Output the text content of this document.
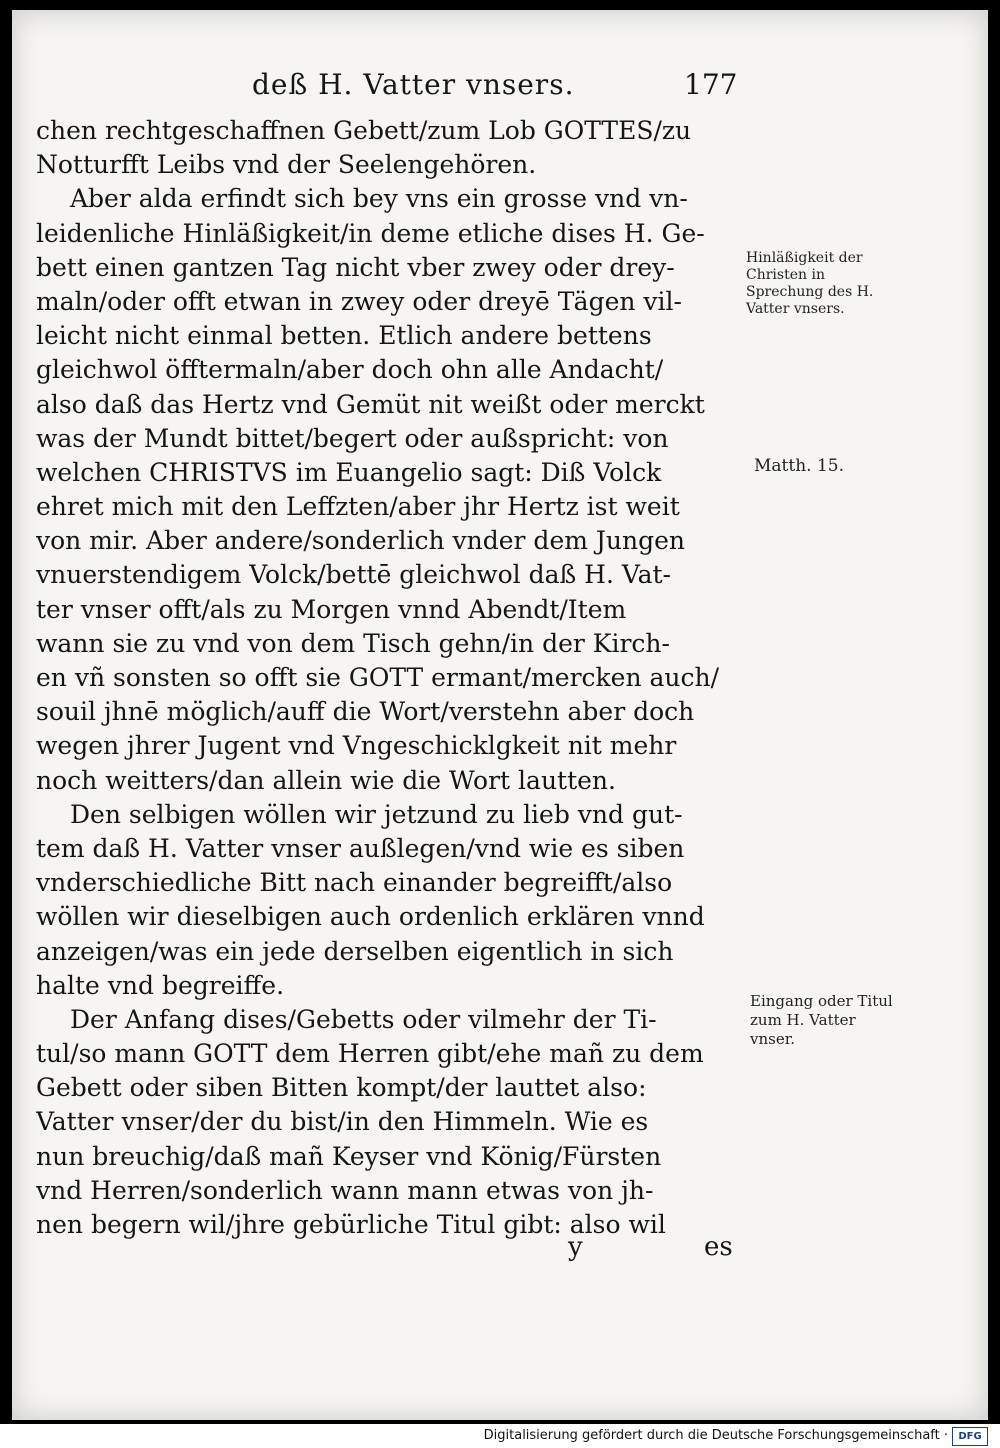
deß H. Vatter vnsers.	177
chen rechtgeschaffnen Gebett/zum Lob GOTTES/zu
Notturfft Leibs vnd der Seelengehören.
Aber alda erfindt sich bey vns ein grosse vnd vn-
leidenliche Hinläßigkeit/in deme etliche dises H. Ge-
bett einen gantzen Tag nicht vber zwey oder drey-
maln/oder offt etwan in zwey oder dreyē Tägen vil-
leicht nicht einmal betten. Etlich andere bettens
gleichwol öfftermaln/aber doch ohn alle Andacht/
also daß das Hertz vnd Gemüt nit weißt oder merckt
was der Mundt bittet/begert oder außspricht: von
welchen CHRISTVS im Euangelio sagt: Diß Volck
ehret mich mit den Leffzten/aber jhr Hertz ist weit
von mir. Aber andere/sonderlich vnder dem Jungen
vnuerstendigem Volck/bettē gleichwol daß H. Vat-
ter vnser offt/als zu Morgen vnnd Abendt/Item
wann sie zu vnd von dem Tisch gehn/in der Kirch-
en vñ sonsten so offt sie GOTT ermant/mercken auch/
souil jhnē möglich/auff die Wort/verstehn aber doch
wegen jhrer Jugent vnd Vngeschicklgkeit nit mehr
noch weitters/dan allein wie die Wort lautten.
Den selbigen wöllen wir jetzund zu lieb vnd gut-
tem daß H. Vatter vnser außlegen/vnd wie es siben
vnderschiedliche Bitt nach einander begreifft/also
wöllen wir dieselbigen auch ordenlich erklären vnnd
anzeigen/was ein jede derselben eigentlich in sich
halte vnd begreiffe.
Der Anfang dises/Gebetts oder vilmehr der Ti-
tul/so mann GOTT dem Herren gibt/ehe mañ zu dem
Gebett oder siben Bitten kompt/der lauttet also:
Vatter vnser/der du bist/in den Himmeln. Wie es
nun breuchig/daß mañ Keyser vnd König/Fürsten
vnd Herren/sonderlich wann mann etwas von jh-
nen begern wil/jhre gebürliche Titul gibt: also wil
Hinläßigkeit der Christen in Sprechung des H. Vatter vnsers.
Matth. 15.
Eingang oder Titul zum H. Vatter vnser.
y	es
Digitalisierung gefördert durch die Deutsche Forschungsgemeinschaft ·	DFG
